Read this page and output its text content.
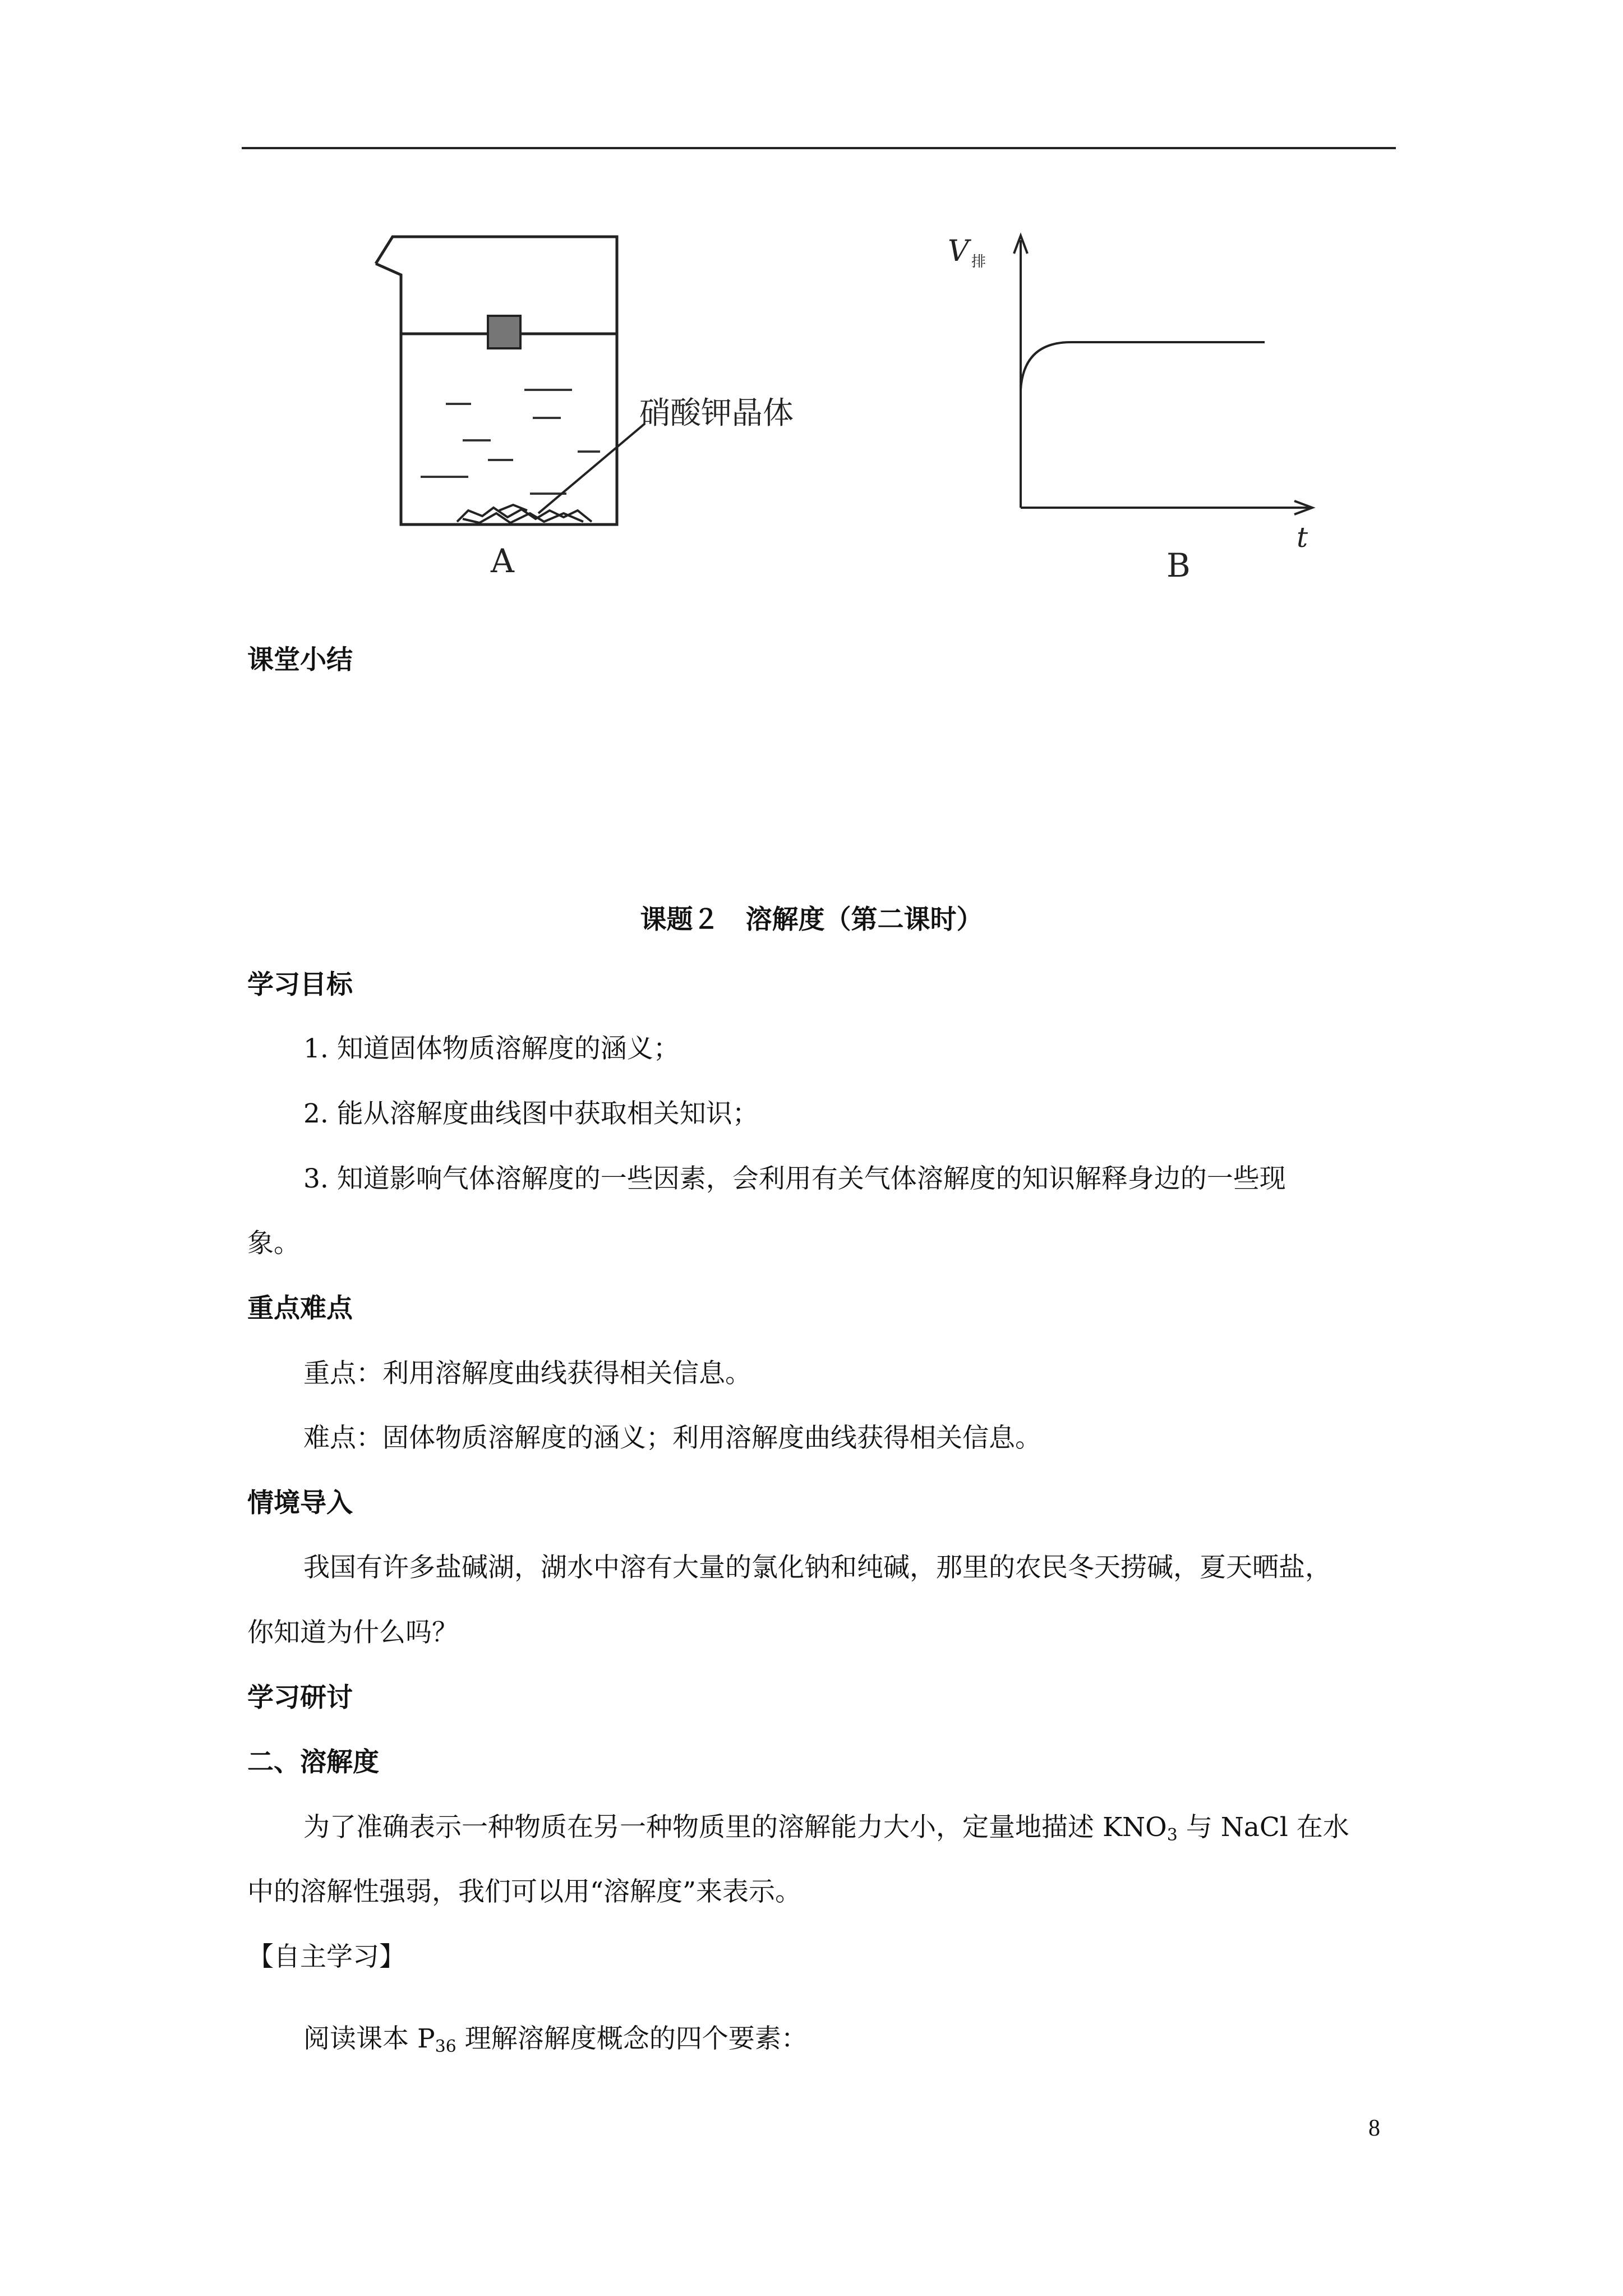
硝酸钾晶体
A
V 排
t
B
课堂小结
课题２　溶解度（第二课时）
学习目标
1. 知道固体物质溶解度的涵义；
2. 能从溶解度曲线图中获取相关知识；
3. 知道影响气体溶解度的一些因素，会利用有关气体溶解度的知识解释身边的一些现
象。
重点难点
重点：利用溶解度曲线获得相关信息。
难点：固体物质溶解度的涵义；利用溶解度曲线获得相关信息。
情境导入
我国有许多盐碱湖，湖水中溶有大量的氯化钠和纯碱，那里的农民冬天捞碱，夏天晒盐，
你知道为什么吗？
学习研讨
二、溶解度
为了准确表示一种物质在另一种物质里的溶解能力大小，定量地描述 $KNO_3$ 与 NaCl 在水
中的溶解性强弱，我们可以用“溶解度”来表示。
【自主学习】
阅读课本 $P_{36}$ 理解溶解度概念的四个要素：
8
